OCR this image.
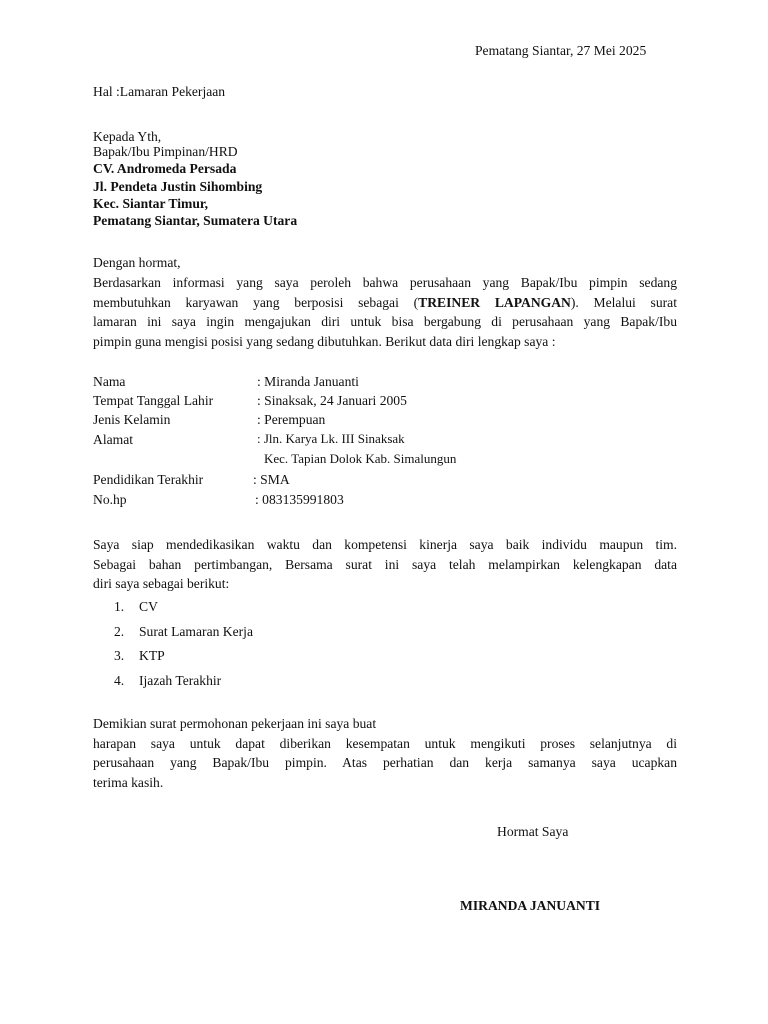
Pematang Siantar, 27 Mei 2025
Hal :Lamaran Pekerjaan
Kepada Yth,
Bapak/Ibu Pimpinan/HRD
CV. Andromeda Persada
Jl. Pendeta Justin Sihombing
Kec. Siantar Timur,
Pematang Siantar, Sumatera Utara
Dengan hormat,
Berdasarkan informasi yang saya peroleh bahwa perusahaan yang Bapak/Ibu pimpin sedang
membutuhkan karyawan yang berposisi sebagai (TREINER LAPANGAN). Melalui surat
lamaran ini saya ingin mengajukan diri untuk bisa bergabung di perusahaan yang Bapak/Ibu
pimpin guna mengisi posisi yang sedang dibutuhkan. Berikut data diri lengkap saya :
Nama	: Miranda Januanti
Tempat Tanggal Lahir	: Sinaksak, 24 Januari 2005
Jenis Kelamin	: Perempuan
Alamat	: Jln. Karya Lk. III Sinaksak
Kec. Tapian Dolok Kab. Simalungun
Pendidikan Terakhir	: SMA
No.hp	: 083135991803
Saya siap mendedikasikan waktu dan kompetensi kinerja saya baik individu maupun tim.
Sebagai bahan pertimbangan, Bersama surat ini saya telah melampirkan kelengkapan data
diri saya sebagai berikut:
1. CV
2. Surat Lamaran Kerja
3. KTP
4. Ijazah Terakhir
Demikian surat permohonan pekerjaan ini saya buat
harapan saya untuk dapat diberikan kesempatan untuk mengikuti proses selanjutnya di
perusahaan yang Bapak/Ibu pimpin. Atas perhatian dan kerja samanya saya ucapkan
terima kasih.
Hormat Saya
MIRANDA JANUANTI
